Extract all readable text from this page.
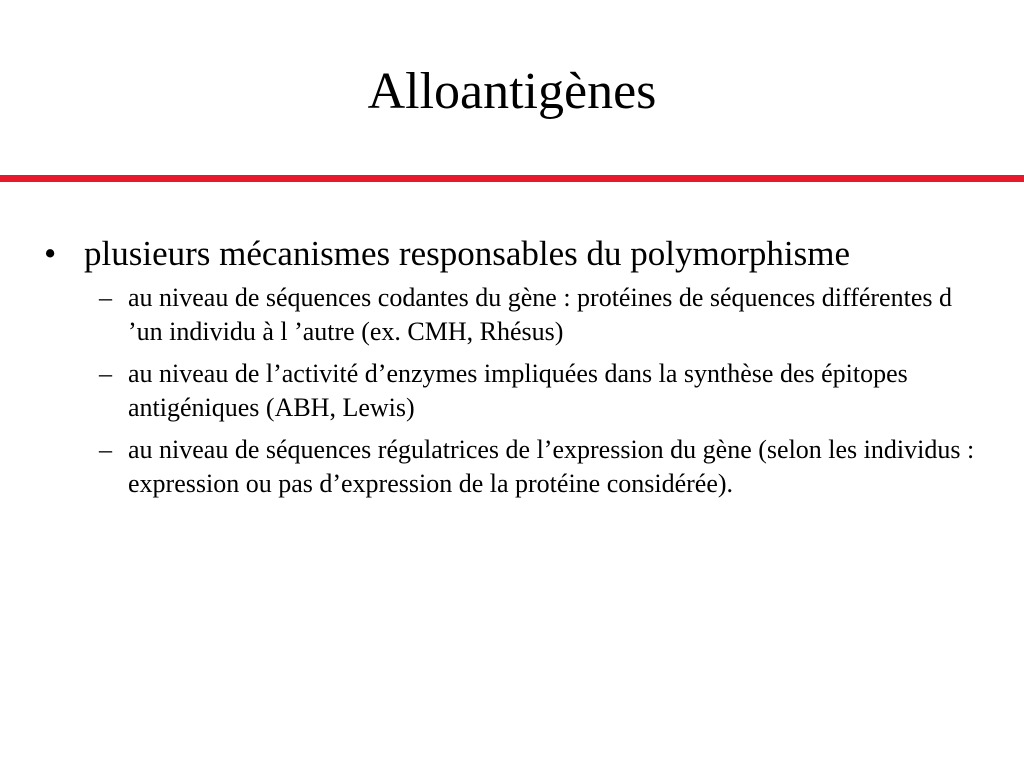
Alloantigènes
• plusieurs mécanismes responsables du polymorphisme
– au niveau de séquences codantes du gène : protéines de séquences différentes d ’un individu à l ’autre (ex. CMH, Rhésus)
– au niveau de l’activité d’enzymes impliquées dans la synthèse des épitopes antigéniques (ABH, Lewis)
– au niveau de séquences régulatrices de l’expression du gène (selon les individus : expression ou pas d’expression de la protéine considérée).
